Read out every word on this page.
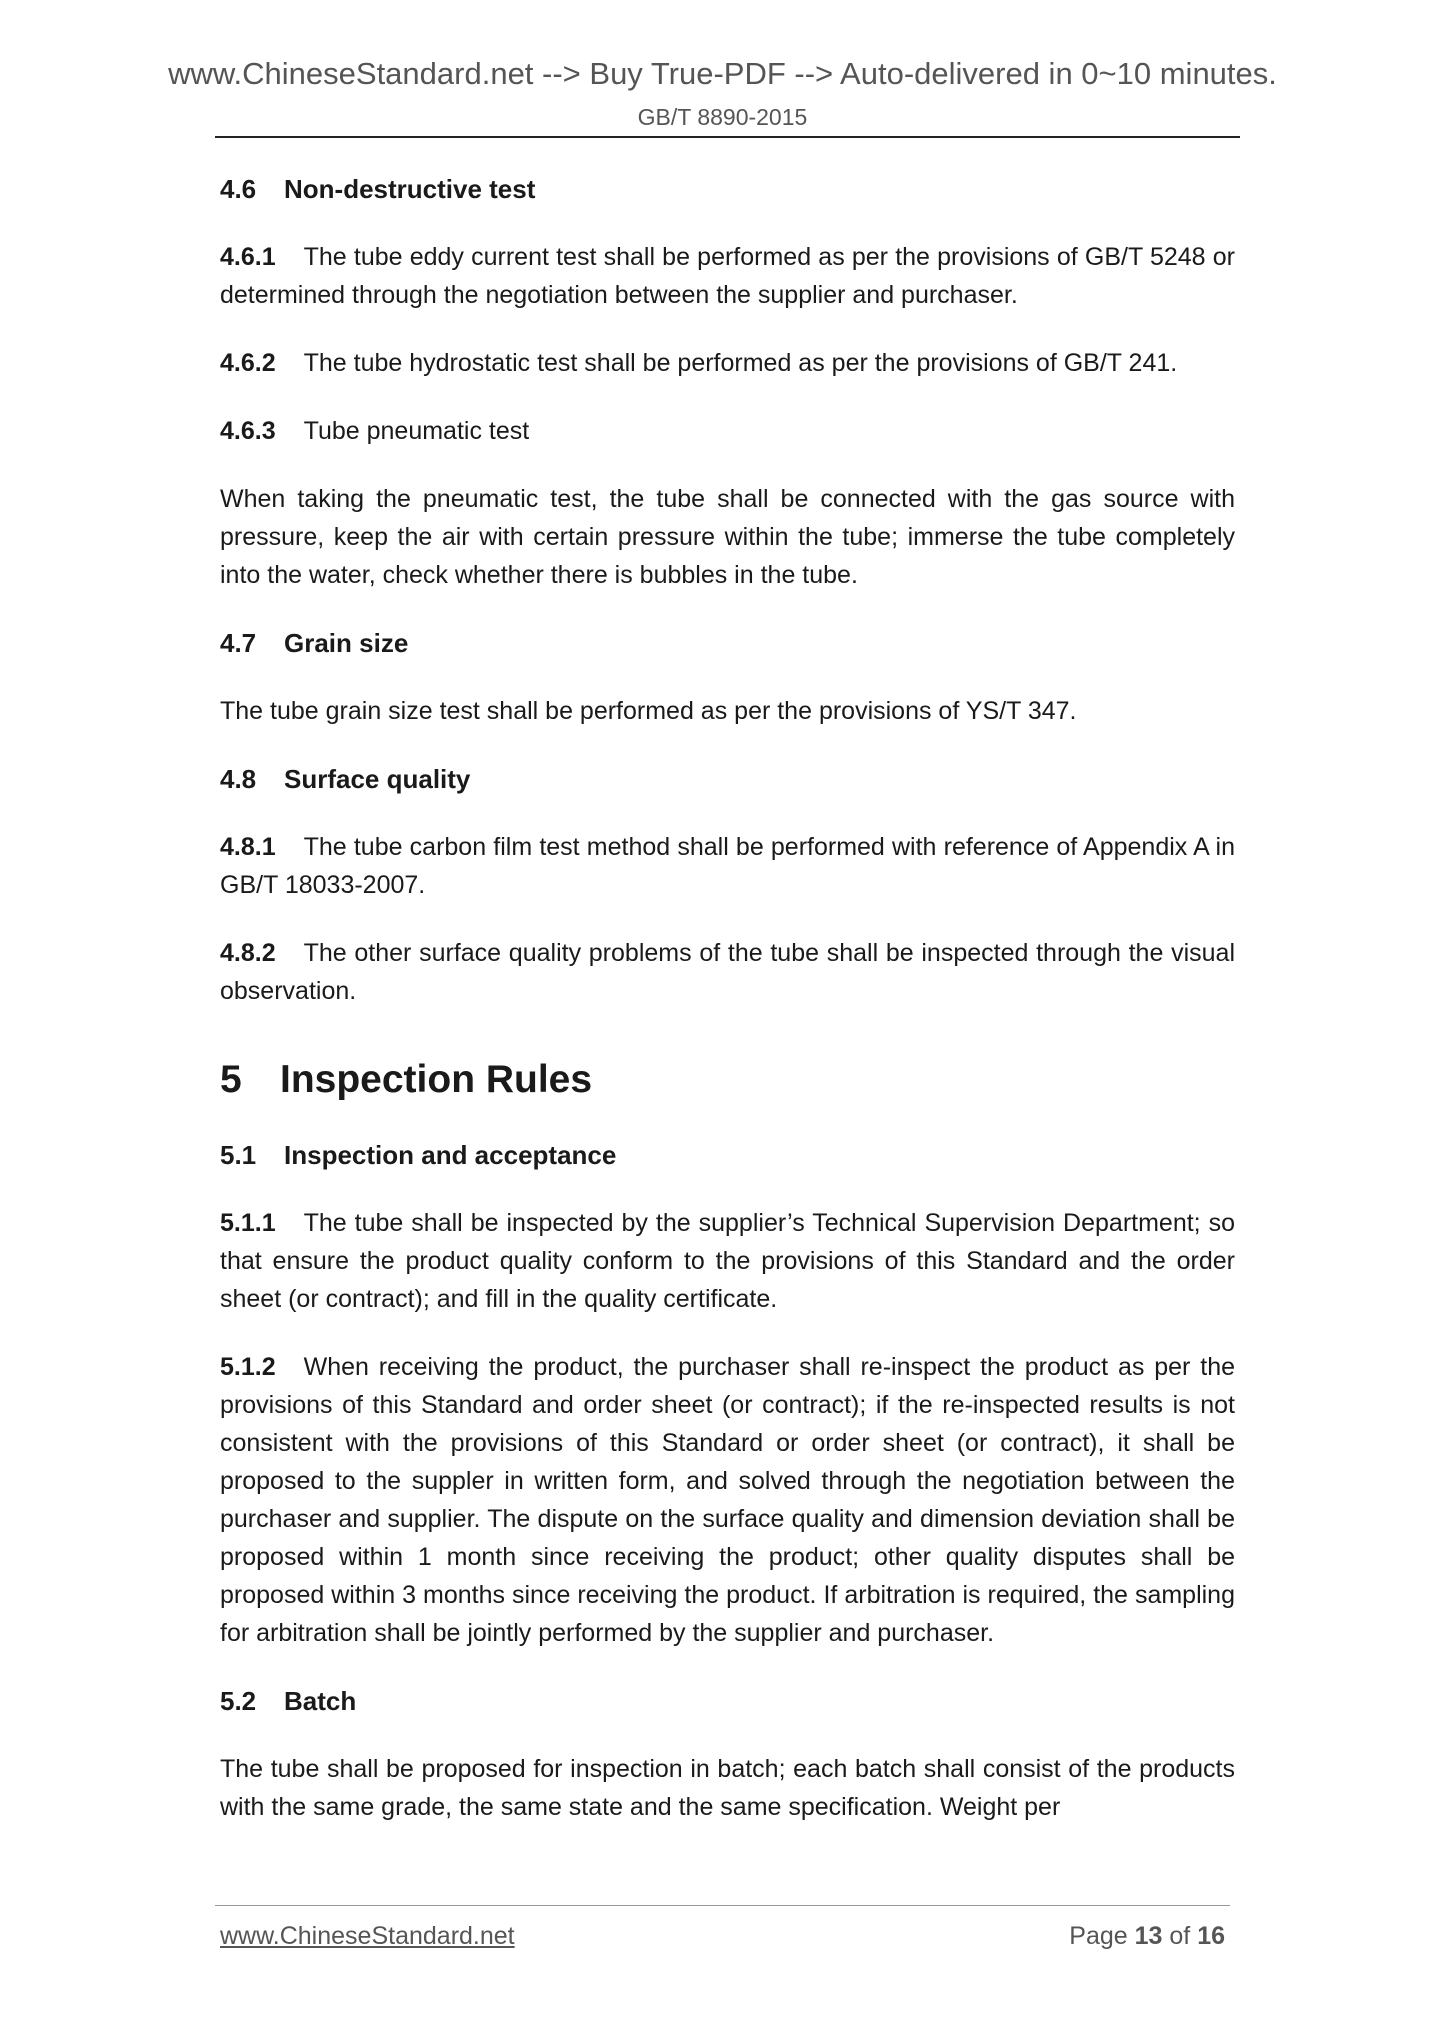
www.ChineseStandard.net --> Buy True-PDF --> Auto-delivered in 0~10 minutes.
GB/T 8890-2015
4.6 Non-destructive test
4.6.1 The tube eddy current test shall be performed as per the provisions of GB/T 5248 or determined through the negotiation between the supplier and purchaser.
4.6.2 The tube hydrostatic test shall be performed as per the provisions of GB/T 241.
4.6.3 Tube pneumatic test
When taking the pneumatic test, the tube shall be connected with the gas source with pressure, keep the air with certain pressure within the tube; immerse the tube completely into the water, check whether there is bubbles in the tube.
4.7 Grain size
The tube grain size test shall be performed as per the provisions of YS/T 347.
4.8 Surface quality
4.8.1 The tube carbon film test method shall be performed with reference of Appendix A in GB/T 18033-2007.
4.8.2 The other surface quality problems of the tube shall be inspected through the visual observation.
5 Inspection Rules
5.1 Inspection and acceptance
5.1.1 The tube shall be inspected by the supplier’s Technical Supervision Department; so that ensure the product quality conform to the provisions of this Standard and the order sheet (or contract); and fill in the quality certificate.
5.1.2 When receiving the product, the purchaser shall re-inspect the product as per the provisions of this Standard and order sheet (or contract); if the re-inspected results is not consistent with the provisions of this Standard or order sheet (or contract), it shall be proposed to the suppler in written form, and solved through the negotiation between the purchaser and supplier. The dispute on the surface quality and dimension deviation shall be proposed within 1 month since receiving the product; other quality disputes shall be proposed within 3 months since receiving the product. If arbitration is required, the sampling for arbitration shall be jointly performed by the supplier and purchaser.
5.2 Batch
The tube shall be proposed for inspection in batch; each batch shall consist of the products with the same grade, the same state and the same specification. Weight per
www.ChineseStandard.net	Page 13 of 16
